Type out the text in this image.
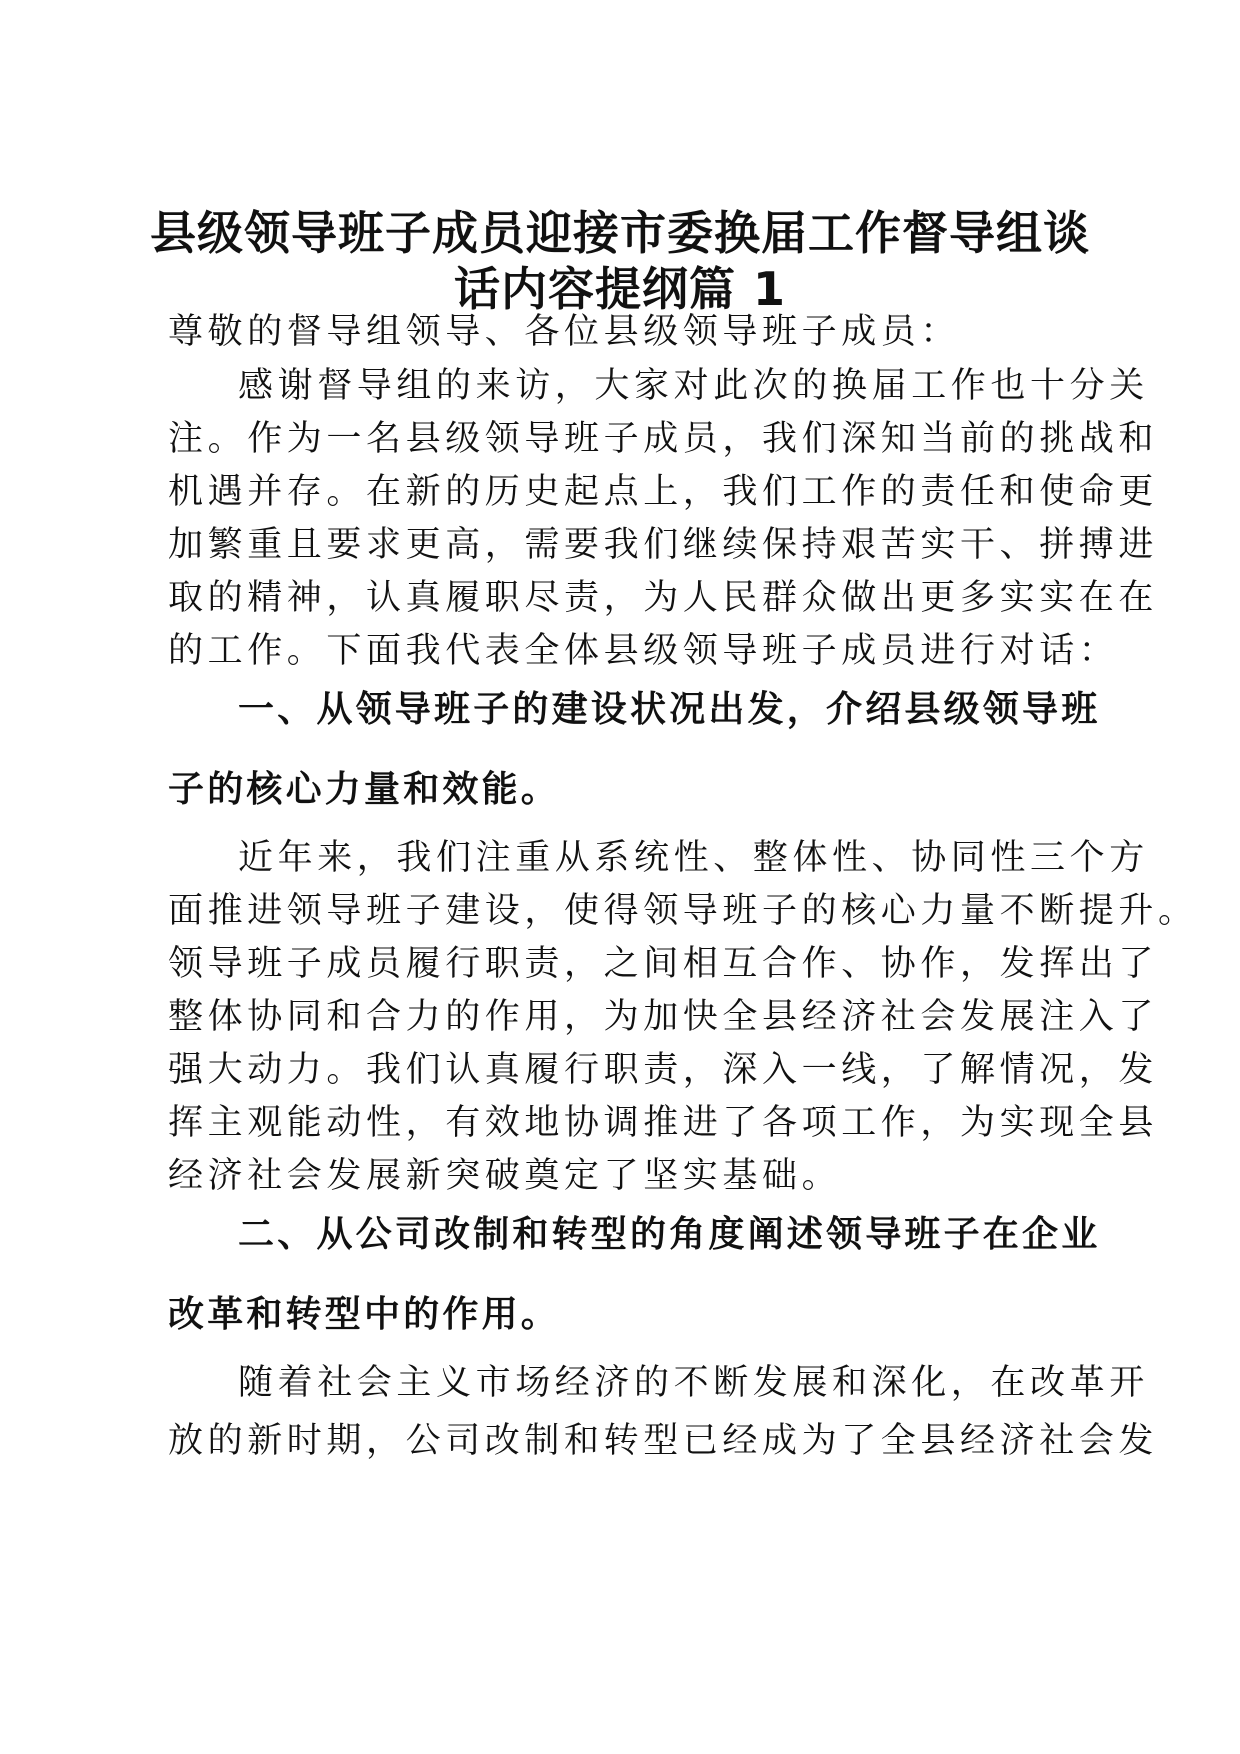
县级领导班子成员迎接市委换届工作督导组谈
话内容提纲篇 1

尊敬的督导组领导、各位县级领导班子成员：

感谢督导组的来访，大家对此次的换届工作也十分关

注。作为一名县级领导班子成员，我们深知当前的挑战和

机遇并存。在新的历史起点上，我们工作的责任和使命更

加繁重且要求更高，需要我们继续保持艰苦实干、拼搏进

取的精神，认真履职尽责，为人民群众做出更多实实在在

的工作。下面我代表全体县级领导班子成员进行对话：

一、从领导班子的建设状况出发，介绍县级领导班

子的核心力量和效能。

近年来，我们注重从系统性、整体性、协同性三个方

面推进领导班子建设，使得领导班子的核心力量不断提升。

领导班子成员履行职责，之间相互合作、协作，发挥出了

整体协同和合力的作用，为加快全县经济社会发展注入了

强大动力。我们认真履行职责，深入一线，了解情况，发

挥主观能动性，有效地协调推进了各项工作，为实现全县

经济社会发展新突破奠定了坚实基础。

二、从公司改制和转型的角度阐述领导班子在企业

改革和转型中的作用。

随着社会主义市场经济的不断发展和深化，在改革开

放的新时期，公司改制和转型已经成为了全县经济社会发
